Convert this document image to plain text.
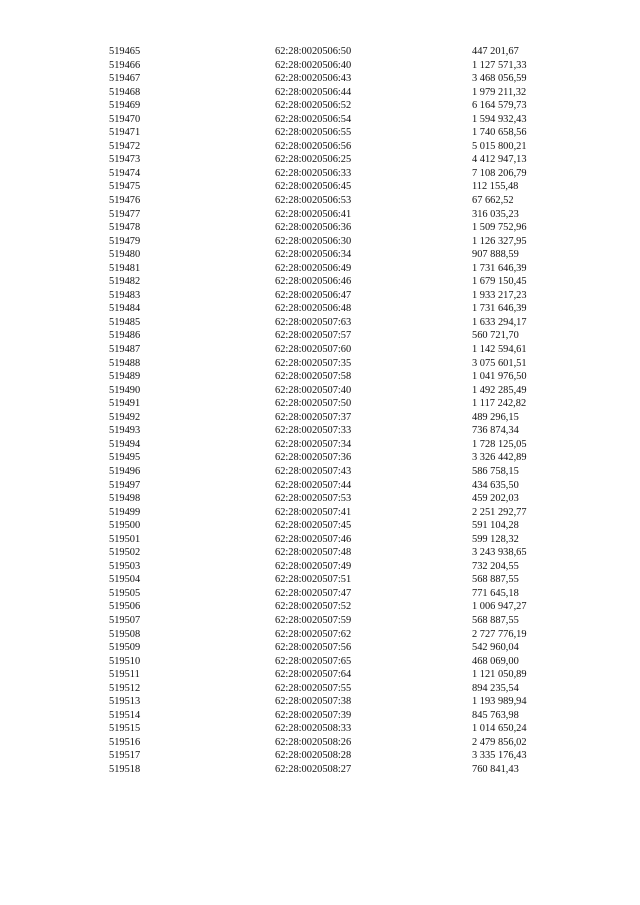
519465	62:28:0020506:50	447 201,67
519466	62:28:0020506:40	1 127 571,33
519467	62:28:0020506:43	3 468 056,59
519468	62:28:0020506:44	1 979 211,32
519469	62:28:0020506:52	6 164 579,73
519470	62:28:0020506:54	1 594 932,43
519471	62:28:0020506:55	1 740 658,56
519472	62:28:0020506:56	5 015 800,21
519473	62:28:0020506:25	4 412 947,13
519474	62:28:0020506:33	7 108 206,79
519475	62:28:0020506:45	112 155,48
519476	62:28:0020506:53	67 662,52
519477	62:28:0020506:41	316 035,23
519478	62:28:0020506:36	1 509 752,96
519479	62:28:0020506:30	1 126 327,95
519480	62:28:0020506:34	907 888,59
519481	62:28:0020506:49	1 731 646,39
519482	62:28:0020506:46	1 679 150,45
519483	62:28:0020506:47	1 933 217,23
519484	62:28:0020506:48	1 731 646,39
519485	62:28:0020507:63	1 633 294,17
519486	62:28:0020507:57	560 721,70
519487	62:28:0020507:60	1 142 594,61
519488	62:28:0020507:35	3 075 601,51
519489	62:28:0020507:58	1 041 976,50
519490	62:28:0020507:40	1 492 285,49
519491	62:28:0020507:50	1 117 242,82
519492	62:28:0020507:37	489 296,15
519493	62:28:0020507:33	736 874,34
519494	62:28:0020507:34	1 728 125,05
519495	62:28:0020507:36	3 326 442,89
519496	62:28:0020507:43	586 758,15
519497	62:28:0020507:44	434 635,50
519498	62:28:0020507:53	459 202,03
519499	62:28:0020507:41	2 251 292,77
519500	62:28:0020507:45	591 104,28
519501	62:28:0020507:46	599 128,32
519502	62:28:0020507:48	3 243 938,65
519503	62:28:0020507:49	732 204,55
519504	62:28:0020507:51	568 887,55
519505	62:28:0020507:47	771 645,18
519506	62:28:0020507:52	1 006 947,27
519507	62:28:0020507:59	568 887,55
519508	62:28:0020507:62	2 727 776,19
519509	62:28:0020507:56	542 960,04
519510	62:28:0020507:65	468 069,00
519511	62:28:0020507:64	1 121 050,89
519512	62:28:0020507:55	894 235,54
519513	62:28:0020507:38	1 193 989,94
519514	62:28:0020507:39	845 763,98
519515	62:28:0020508:33	1 014 650,24
519516	62:28:0020508:26	2 479 856,02
519517	62:28:0020508:28	3 335 176,43
519518	62:28:0020508:27	760 841,43
